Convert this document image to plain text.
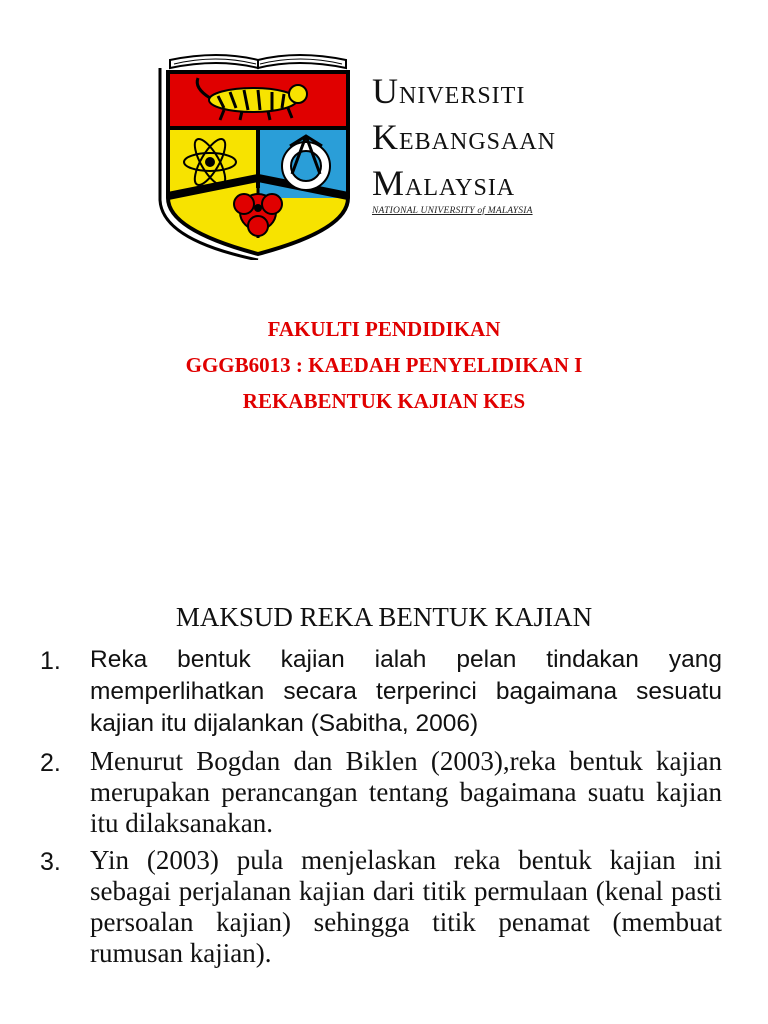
UNIVERSITI
KEBANGSAAN
MALAYSIA
NATIONAL UNIVERSITY of MALAYSIA
FAKULTI PENDIDIKAN
GGGB6013 : KAEDAH PENYELIDIKAN I
REKABENTUK KAJIAN KES
MAKSUD REKA BENTUK KAJIAN
1.	Reka bentuk kajian ialah pelan tindakan yang memperlihatkan secara terperinci bagaimana sesuatu kajian itu dijalankan (Sabitha, 2006)
2.	Menurut Bogdan dan Biklen (2003),reka bentuk kajian merupakan perancangan tentang bagaimana suatu kajian itu dilaksanakan.
3.	Yin (2003) pula menjelaskan reka bentuk kajian ini sebagai perjalanan kajian dari titik permulaan (kenal pasti persoalan kajian) sehingga titik penamat (membuat rumusan kajian).
